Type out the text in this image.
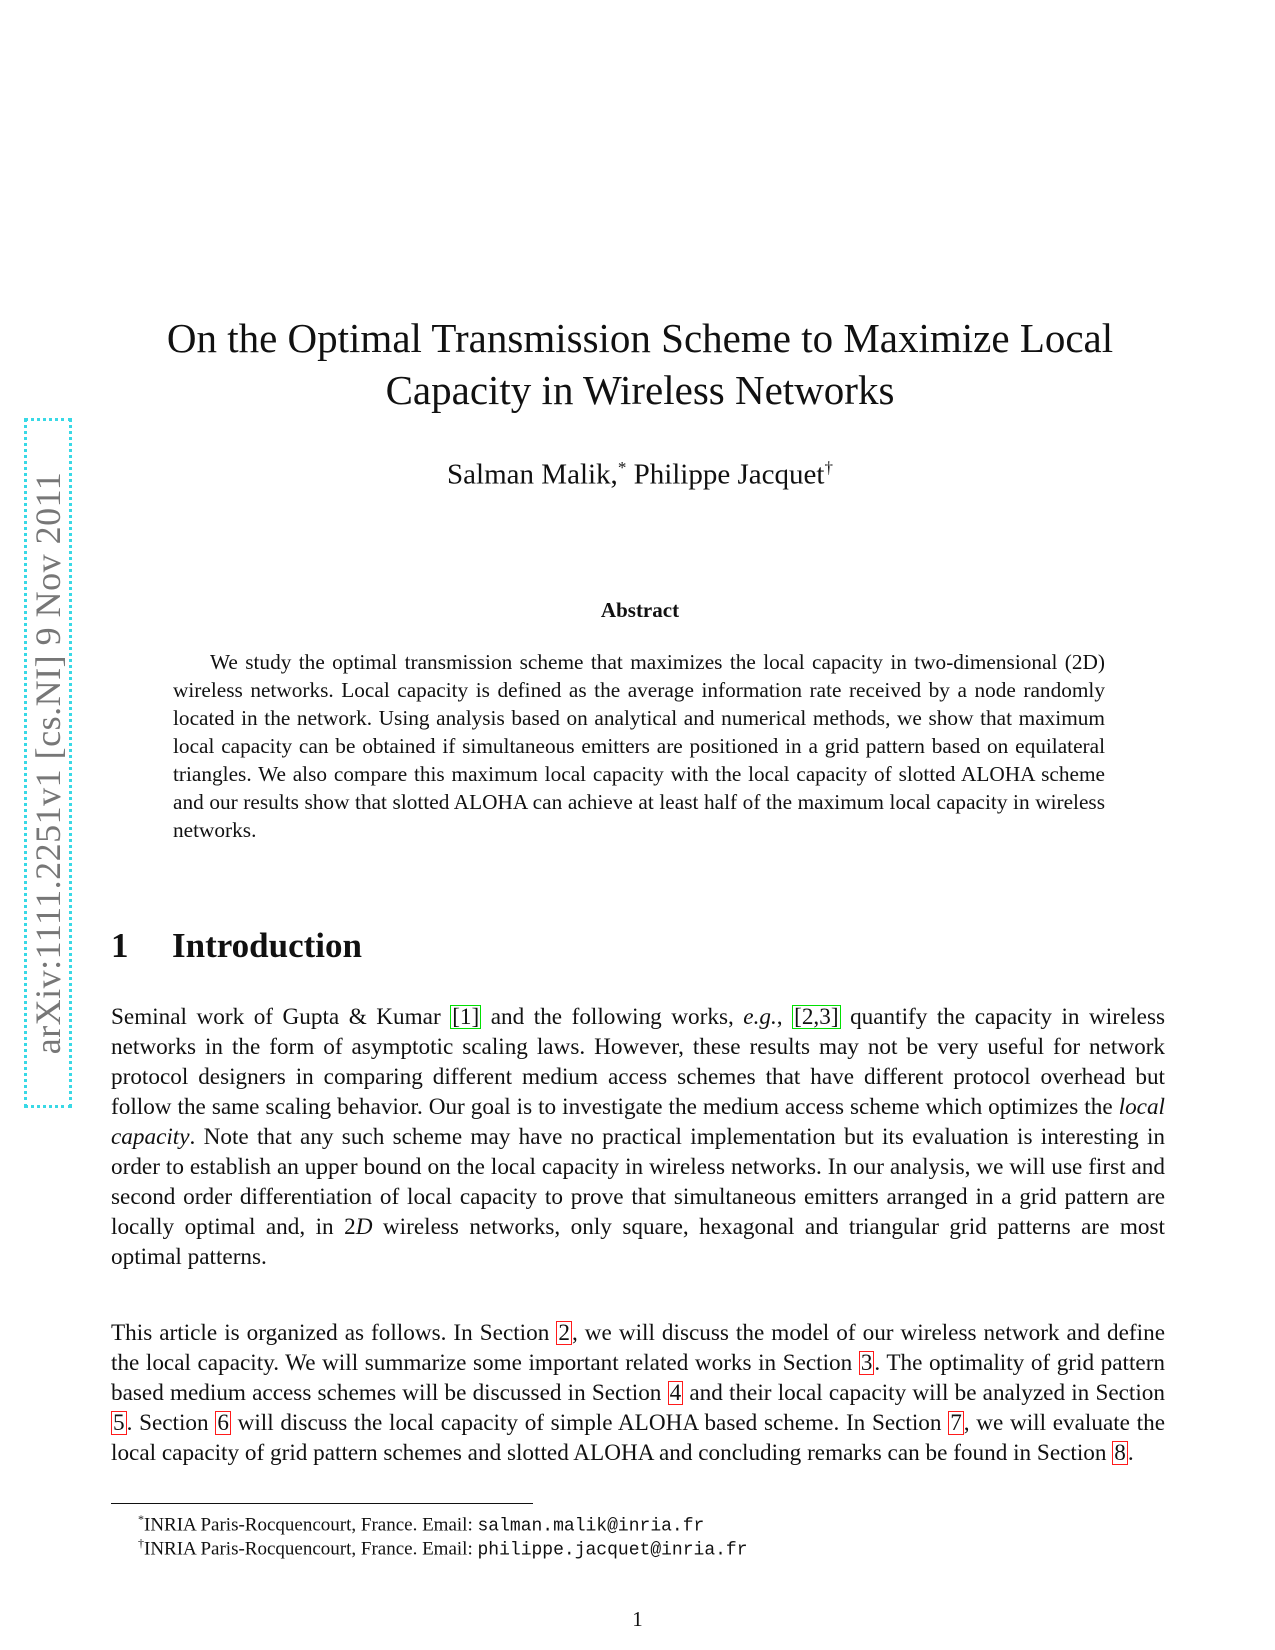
arXiv:1111.2251v1 [cs.NI] 9 Nov 2011
On the Optimal Transmission Scheme to Maximize Local
Capacity in Wireless Networks
Salman Malik,* Philippe Jacquet†
Abstract

We study the optimal transmission scheme that maximizes the local capacity in two-dimensional (2D) wireless networks. Local capacity is defined as the average information rate received by a node randomly located in the network. Using analysis based on analytical and numerical methods, we show that maximum local capacity can be obtained if simultaneous emitters are positioned in a grid pattern based on equilateral triangles. We also compare this maximum local capacity with the local capacity of slotted ALOHA scheme and our results show that slotted ALOHA can achieve at least half of the maximum local capacity in wireless networks.

1 Introduction

Seminal work of Gupta & Kumar [1] and the following works, e.g., [2,3] quantify the capacity in wireless networks in the form of asymptotic scaling laws. However, these results may not be very useful for network protocol designers in comparing different medium access schemes that have different protocol overhead but follow the same scaling behavior. Our goal is to investigate the medium access scheme which optimizes the local capacity. Note that any such scheme may have no practical implementation but its evaluation is interesting in order to establish an upper bound on the local capacity in wireless networks. In our analysis, we will use first and second order differentiation of local capacity to prove that simultaneous emitters arranged in a grid pattern are locally optimal and, in 2D wireless networks, only square, hexagonal and triangular grid patterns are most optimal patterns.

This article is organized as follows. In Section 2, we will discuss the model of our wireless network and define the local capacity. We will summarize some important related works in Section 3. The optimality of grid pattern based medium access schemes will be discussed in Section 4 and their local capacity will be analyzed in Section 5. Section 6 will discuss the local capacity of simple ALOHA based scheme. In Section 7, we will evaluate the local capacity of grid pattern schemes and slotted ALOHA and concluding remarks can be found in Section 8.

*INRIA Paris-Rocquencourt, France. Email: salman.malik@inria.fr
†INRIA Paris-Rocquencourt, France. Email: philippe.jacquet@inria.fr
1
